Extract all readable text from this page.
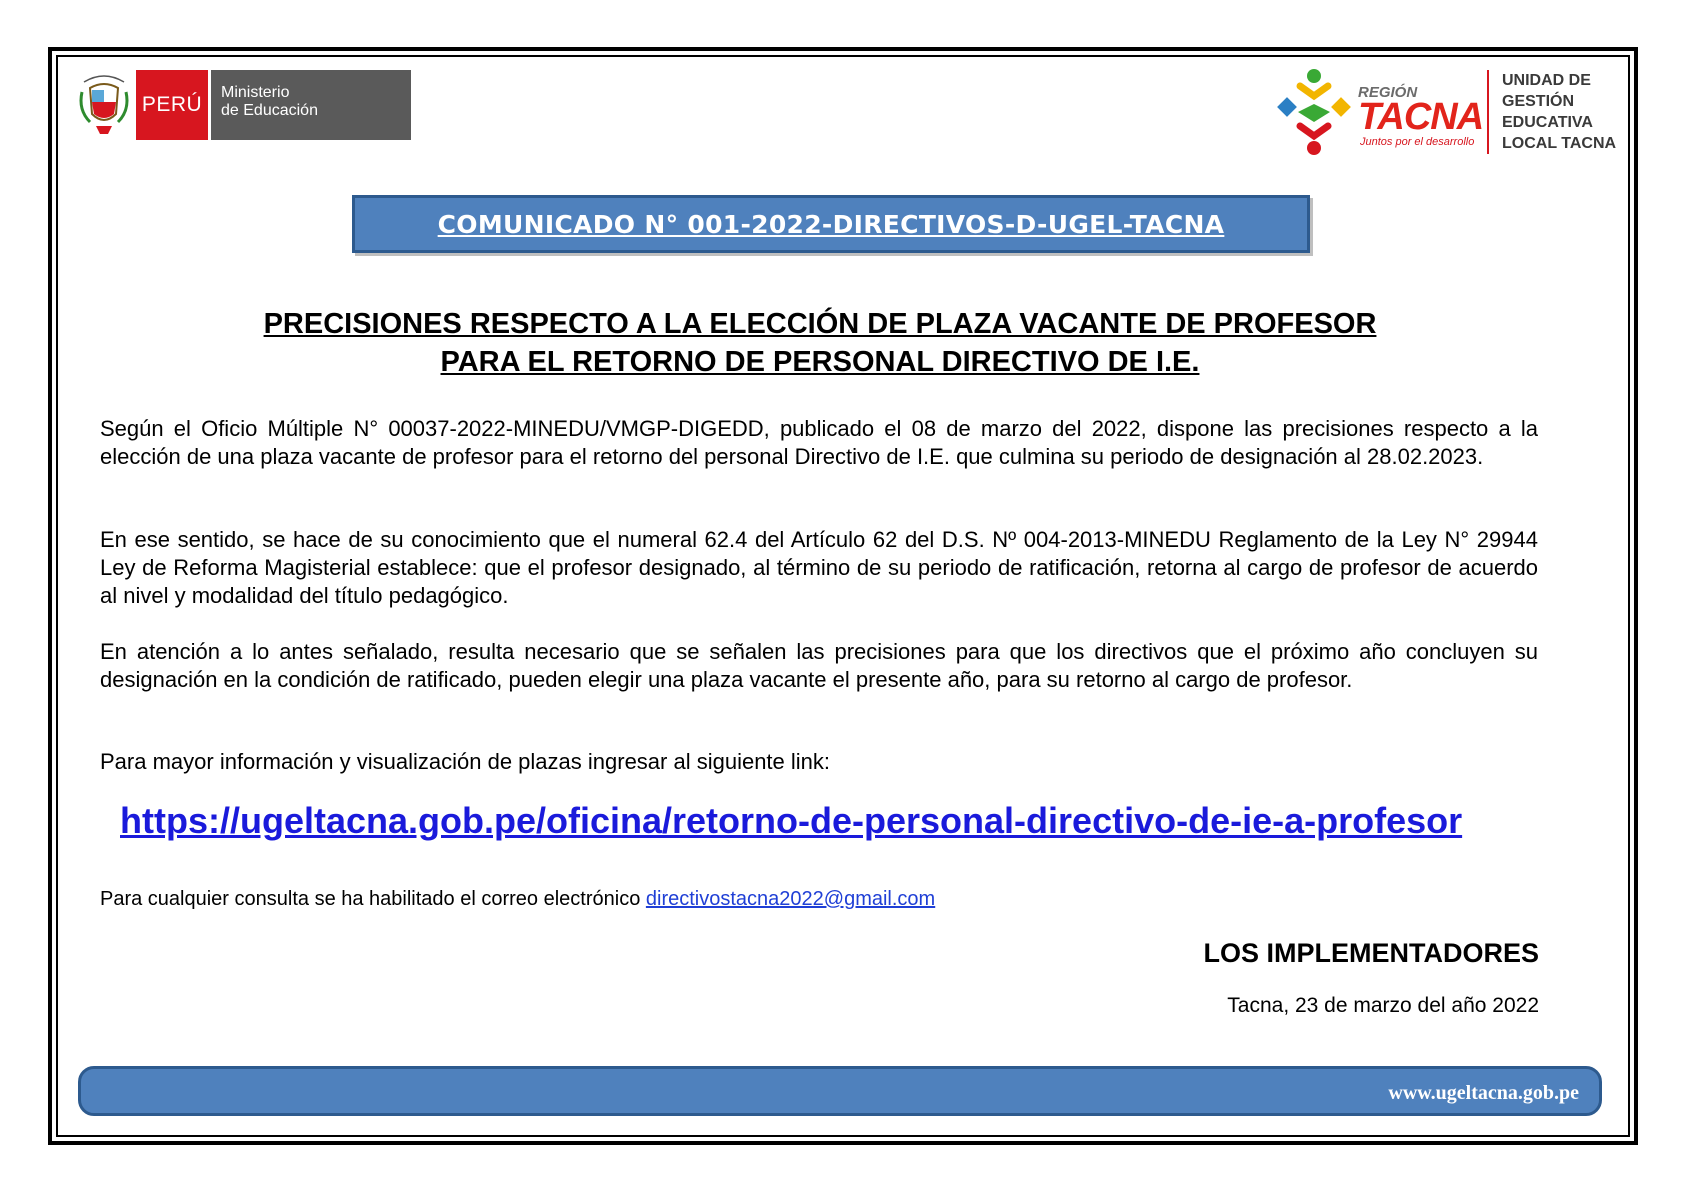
PERÚ
Ministerio
de Educación
REGIÓN
TACNA
Juntos por el desarrollo
UNIDAD DE
GESTIÓN
EDUCATIVA
LOCAL TACNA
COMUNICADO N° 001-2022-DIRECTIVOS-D-UGEL-TACNA
PRECISIONES RESPECTO A LA ELECCIÓN DE PLAZA VACANTE DE PROFESOR
PARA EL RETORNO DE PERSONAL DIRECTIVO DE I.E.
Según el Oficio Múltiple N° 00037-2022-MINEDU/VMGP-DIGEDD, publicado el 08 de marzo del 2022, dispone las precisiones respecto a la elección de una plaza vacante de profesor para el retorno del personal Directivo de I.E. que culmina su periodo de designación al 28.02.2023.
En ese sentido, se hace de su conocimiento que el numeral 62.4 del Artículo 62 del D.S. Nº 004-2013-MINEDU Reglamento de la Ley N° 29944 Ley de Reforma Magisterial establece: que el profesor designado, al término de su periodo de ratificación, retorna al cargo de profesor de acuerdo al nivel y modalidad del título pedagógico.
En atención a lo antes señalado, resulta necesario que se señalen las precisiones para que los directivos que el próximo año concluyen su designación en la condición de ratificado, pueden elegir una plaza vacante el presente año, para su retorno al cargo de profesor.
Para mayor información y visualización de plazas ingresar al siguiente link:
https://ugeltacna.gob.pe/oficina/retorno-de-personal-directivo-de-ie-a-profesor
Para cualquier consulta se ha habilitado el correo electrónico directivostacna2022@gmail.com
LOS IMPLEMENTADORES
Tacna, 23 de marzo del año 2022
www.ugeltacna.gob.pe
